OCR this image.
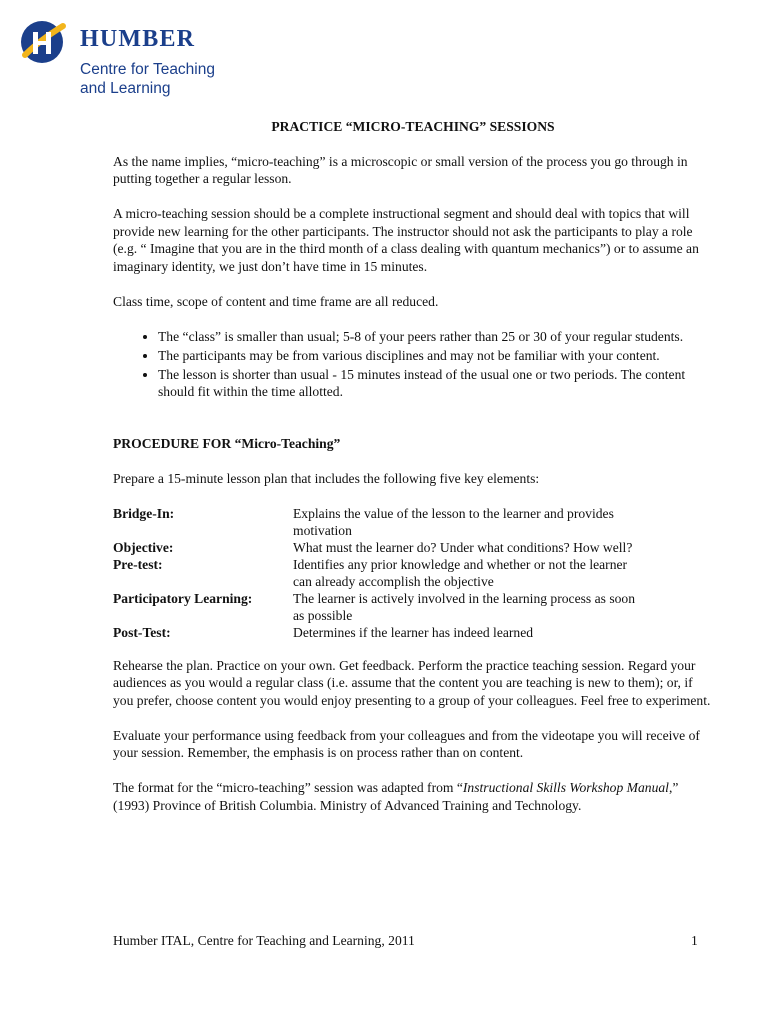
HUMBER

Centre for Teaching
and Learning

PRACTICE “MICRO-TEACHING” SESSIONS

As the name implies, “micro-teaching” is a microscopic or small version of the process you go through in putting together a regular lesson.

A micro-teaching session should be a complete instructional segment and should deal with topics that will provide new learning for the other participants. The instructor should not ask the participants to play a role (e.g. “ Imagine that you are in the third month of a class dealing with quantum mechanics”) or to assume an imaginary identity, we just don’t have time in 15 minutes.

Class time, scope of content and time frame are all reduced.

• The “class” is smaller than usual; 5-8 of your peers rather than 25 or 30 of your regular students.
• The participants may be from various disciplines and may not be familiar with your content.
• The lesson is shorter than usual - 15 minutes instead of the usual one or two periods. The content should fit within the time allotted.

PROCEDURE FOR “Micro-Teaching”

Prepare a 15-minute lesson plan that includes the following five key elements:

Bridge-In:	Explains the value of the lesson to the learner and provides motivation
Objective:	What must the learner do? Under what conditions? How well?
Pre-test:	Identifies any prior knowledge and whether or not the learner can already accomplish the objective
Participatory Learning:	The learner is actively involved in the learning process as soon as possible
Post-Test:	Determines if the learner has indeed learned

Rehearse the plan. Practice on your own. Get feedback. Perform the practice teaching session. Regard your audiences as you would a regular class (i.e. assume that the content you are teaching is new to them); or, if you prefer, choose content you would enjoy presenting to a group of your colleagues. Feel free to experiment.

Evaluate your performance using feedback from your colleagues and from the videotape you will receive of your session. Remember, the emphasis is on process rather than on content.

The format for the “micro-teaching” session was adapted from “Instructional Skills Workshop Manual,” (1993) Province of British Columbia. Ministry of Advanced Training and Technology.

Humber ITAL, Centre for Teaching and Learning, 2011	1
